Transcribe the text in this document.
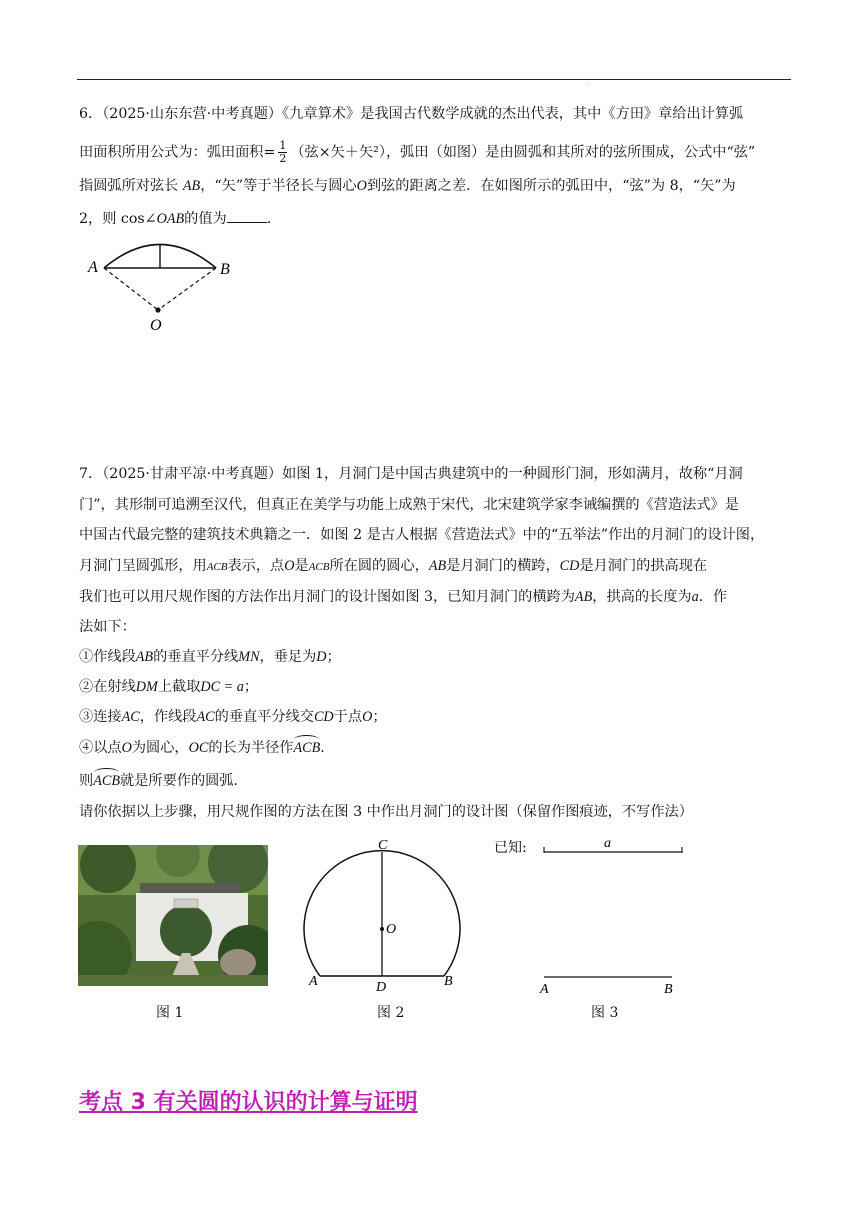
·
6．（2025·山东东营·中考真题）《九章算术》是我国古代数学成就的杰出代表，其中《方田》章给出计算弧
田面积所用公式为：弧田面积= $\frac{1}{2}$ （弦×矢＋矢²），弧田（如图）是由圆弧和其所对的弦所围成，公式中“弦”
指圆弧所对弦长 AB，“矢”等于半径长与圆心O到弦的距离之差．在如图所示的弧田中，“弦”为 8，“矢”为
2，则 cos∠OAB的值为	．
A	B
O
7．（2025·甘肃平凉·中考真题）如图 1，月洞门是中国古典建筑中的一种圆形门洞，形如满月，故称“月洞
门”，其形制可追溯至汉代，但真正在美学与功能上成熟于宋代，北宋建筑学家李诫编撰的《营造法式》是
中国古代最完整的建筑技术典籍之一．如图 2 是古人根据《营造法式》中的“五举法”作出的月洞门的设计图，
月洞门呈圆弧形，用ACB表示，点O是ACB所在圆的圆心，AB是月洞门的横跨，CD是月洞门的拱高现在
我们也可以用尺规作图的方法作出月洞门的设计图如图 3，已知月洞门的横跨为AB，拱高的长度为a．作
法如下：
①作线段AB的垂直平分线MN，垂足为D；
②在射线DM上截取DC = a；
③连接AC，作线段AC的垂直平分线交CD于点O；
④以点O为圆心，OC的长为半径作ACB．
则ACB就是所要作的圆弧．
请你依据以上步骤，用尺规作图的方法在图 3 中作出月洞门的设计图（保留作图痕迹，不写作法）
C
O
A	D	B
已知:	a
A	B
图 1	图 2	图 3
考点 3 有关圆的认识的计算与证明
